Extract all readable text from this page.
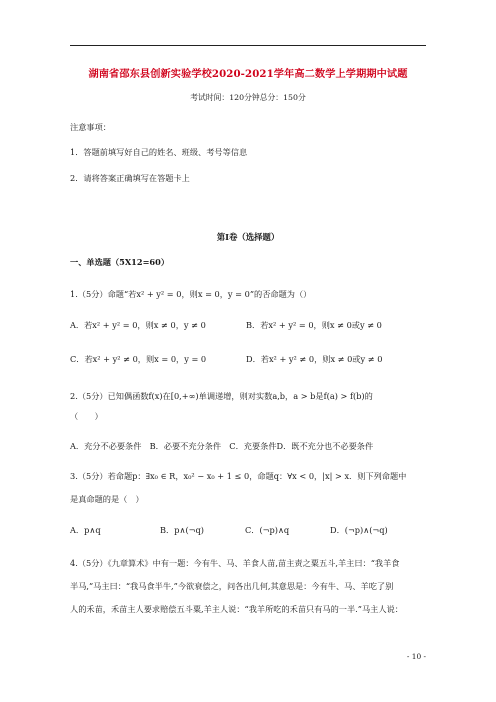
湖南省邵东县创新实验学校2020-2021学年高二数学上学期期中试题
考试时间：120分钟总分：150分
注意事项：
1．答题前填写好自己的姓名、班级、考号等信息
2．请将答案正确填写在答题卡上
第I卷（选择题）
一、单选题（5X12=60）
1.（5分）命题“若x² + y² = 0，则x = 0，y = 0”的否命题为（）
A．若x² + y² = 0，则x ≠ 0，y ≠ 0	B．若x² + y² = 0，则x ≠ 0或y ≠ 0
C．若x² + y² ≠ 0，则x = 0，y = 0	D．若x² + y² ≠ 0，则x ≠ 0或y ≠ 0
2.（5分）已知偶函数f(x)在[0,+∞)单调递增，则对实数a,b，a > b是f(a) > f(b)的
（　　）
A．充分不必要条件　B．必要不充分条件　C．充要条件D．既不充分也不必要条件
3.（5分）若命题p：∃x₀ ∈ R，x₀² − x₀ + 1 ≤ 0，命题q：∀x < 0，|x| > x．则下列命题中
是真命题的是（　）
A．p∧q	B．p∧(¬q)	C．(¬p)∧q	D．(¬p)∧(¬q)
4.（5分）《九章算术》中有一题：今有牛、马、羊食人苗,苗主责之粟五斗,羊主曰：“我羊食
半马,”马主曰：“我马食半牛,”今欲衰偿之，问各出几何,其意思是：今有牛、马、羊吃了别
人的禾苗，禾苗主人要求赔偿五斗粟,羊主人说：“我羊所吃的禾苗只有马的一半.”马主人说：
- 10 -
